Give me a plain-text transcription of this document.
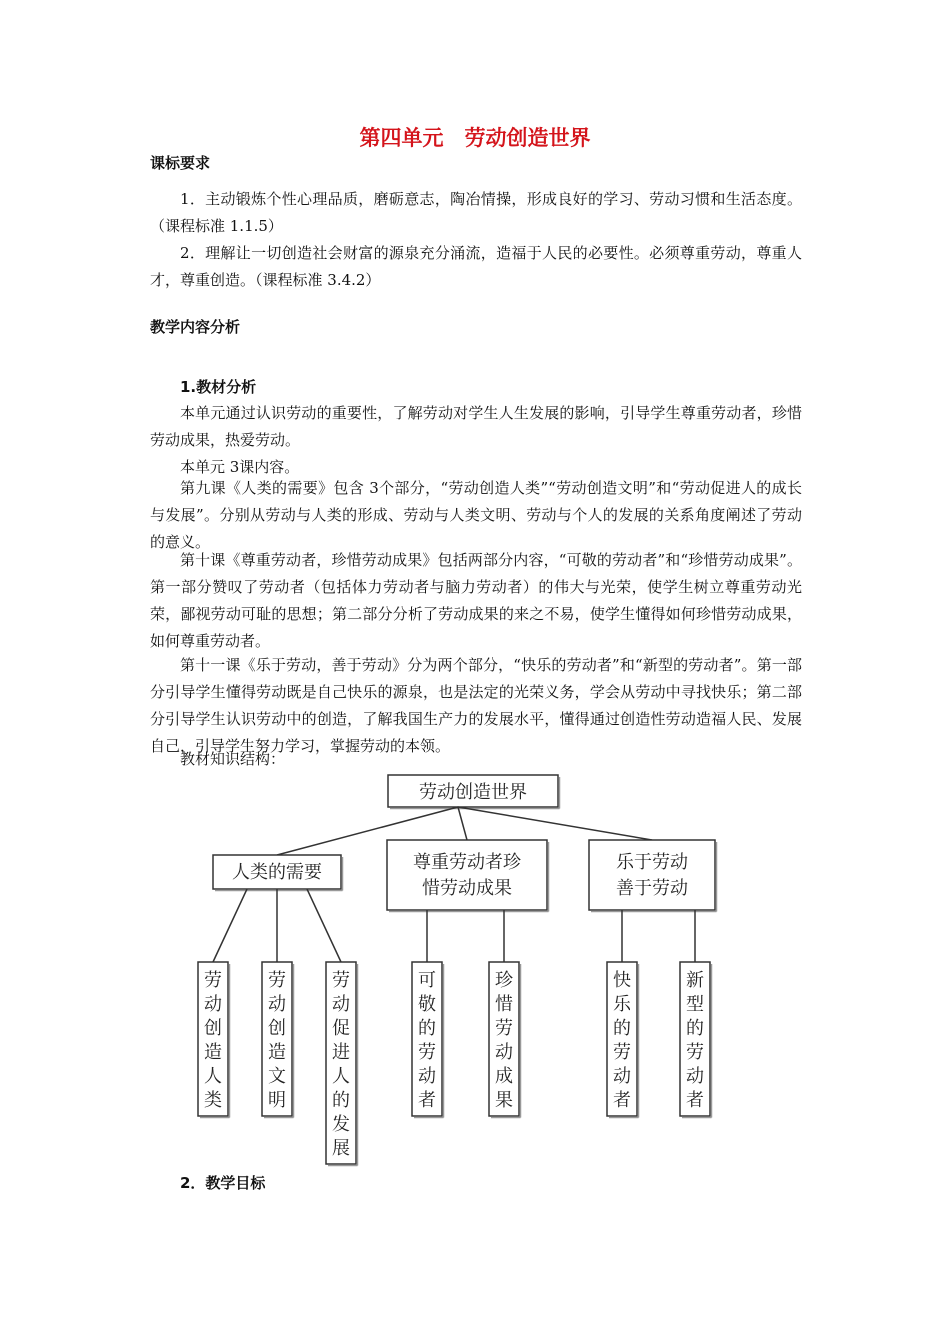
第四单元　劳动创造世界
课标要求
1．主动锻炼个性心理品质，磨砺意志，陶冶情操，形成良好的学习、劳动习惯和生活态度。（课程标准 1.1.5）
2．理解让一切创造社会财富的源泉充分涌流，造福于人民的必要性。必须尊重劳动，尊重人才，尊重创造。（课程标准 3.4.2）
教学内容分析
1.教材分析
本单元通过认识劳动的重要性，了解劳动对学生人生发展的影响，引导学生尊重劳动者，珍惜劳动成果，热爱劳动。
本单元 3课内容。
第九课《人类的需要》包含 3个部分，“劳动创造人类”“劳动创造文明”和“劳动促进人的成长与发展”。分别从劳动与人类的形成、劳动与人类文明、劳动与个人的发展的关系角度阐述了劳动的意义。
第十课《尊重劳动者，珍惜劳动成果》包括两部分内容，“可敬的劳动者”和“珍惜劳动成果”。第一部分赞叹了劳动者（包括体力劳动者与脑力劳动者）的伟大与光荣，使学生树立尊重劳动光荣，鄙视劳动可耻的思想；第二部分分析了劳动成果的来之不易，使学生懂得如何珍惜劳动成果，如何尊重劳动者。
第十一课《乐于劳动，善于劳动》分为两个部分，“快乐的劳动者”和“新型的劳动者”。第一部分引导学生懂得劳动既是自己快乐的源泉，也是法定的光荣义务，学会从劳动中寻找快乐；第二部分引导学生认识劳动中的创造，了解我国生产力的发展水平，懂得通过创造性劳动造福人民、发展自己，引导学生努力学习，掌握劳动的本领。
教材知识结构：
劳动创造世界
人类的需要
劳
动
创
造
人
类
劳
动
创
造
文
明
劳
动
促
进
人
的
发
展
尊重劳动者珍
惜劳动成果
可
敬
的
劳
动
者
珍
惜
劳
动
成
果
乐于劳动
善于劳动
快
乐
的
劳
动
者
新
型
的
劳
动
者
2．教学目标
